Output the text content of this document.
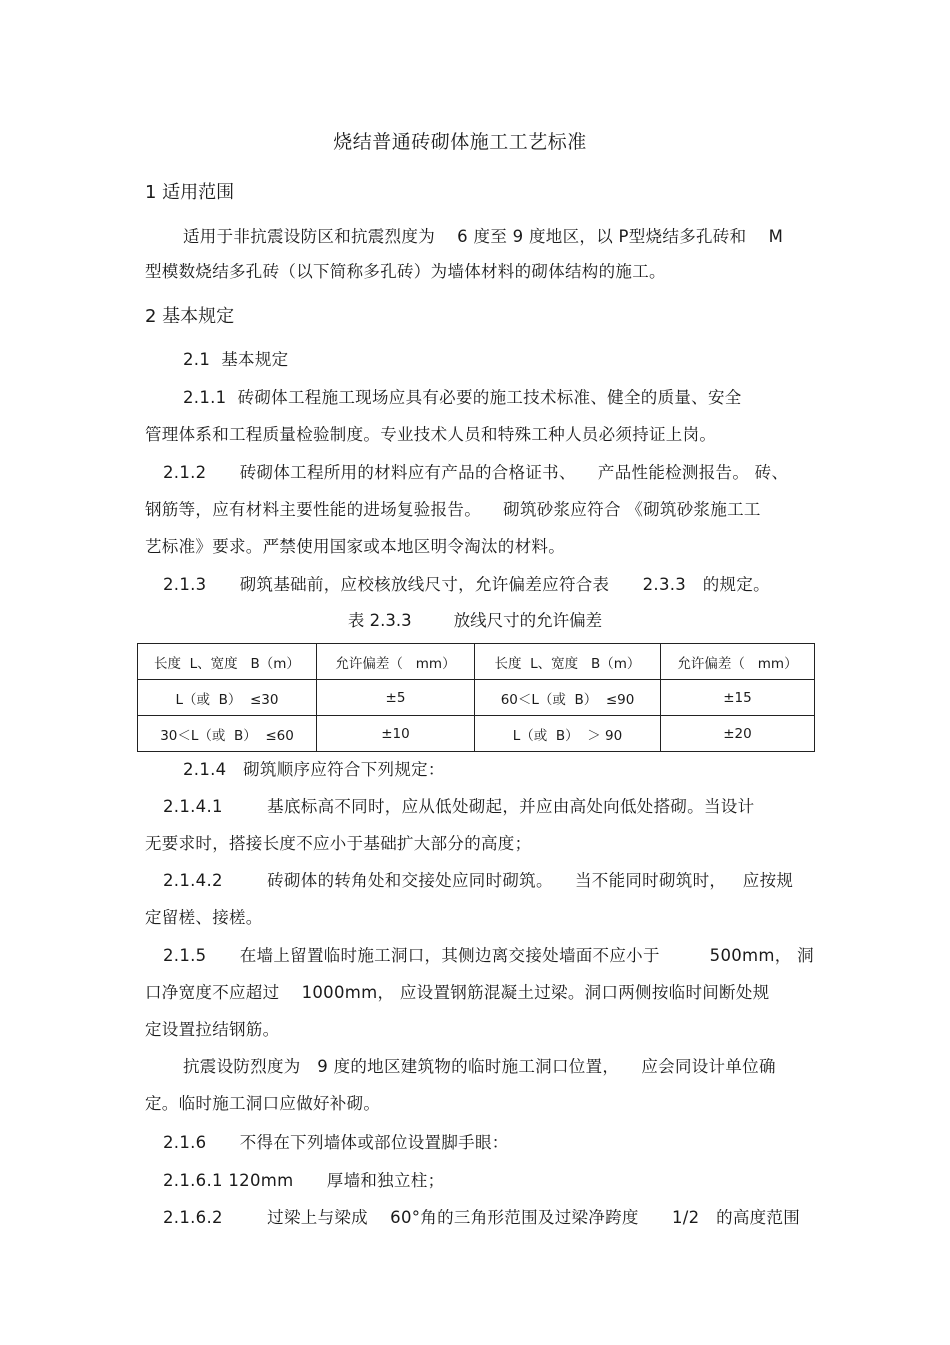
烧结普通砖砌体施工工艺标准
1 适用范围
适用于非抗震设防区和抗震烈度为    6 度至 9 度地区，以 P型烧结多孔砖和    M
型模数烧结多孔砖（以下简称多孔砖）为墙体材料的砌体结构的施工。
2 基本规定
2.1  基本规定
2.1.1  砖砌体工程施工现场应具有必要的施工技术标准、健全的质量、安全
管理体系和工程质量检验制度。专业技术人员和特殊工种人员必须持证上岗。
2.1.2      砖砌体工程所用的材料应有产品的合格证书、    产品性能检测报告。 砖、
钢筋等，应有材料主要性能的进场复验报告。    砌筑砂浆应符合 《砌筑砂浆施工工
艺标准》要求。严禁使用国家或本地区明令淘汰的材料。
2.1.3      砌筑基础前，应校核放线尺寸，允许偏差应符合表      2.3.3   的规定。
表 2.3.3        放线尺寸的允许偏差
长度  L、宽度   B（m）	允许偏差（   mm）	长度  L、宽度   B（m）	允许偏差（   mm）
L（或  B）  ≤30	±5	60＜L（或  B）  ≤90	±15
30＜L（或  B）  ≤60	±10	L（或  B）  ＞ 90	±20
2.1.4   砌筑顺序应符合下列规定：
2.1.4.1        基底标高不同时，应从低处砌起，并应由高处向低处搭砌。当设计
无要求时，搭接长度不应小于基础扩大部分的高度；
2.1.4.2        砖砌体的转角处和交接处应同时砌筑。    当不能同时砌筑时，   应按规
定留槎、接槎。
2.1.5      在墙上留置临时施工洞口，其侧边离交接处墙面不应小于         500mm， 洞
口净宽度不应超过    1000mm， 应设置钢筋混凝土过梁。洞口两侧按临时间断处规
定设置拉结钢筋。
抗震设防烈度为   9 度的地区建筑物的临时施工洞口位置，    应会同设计单位确
定。临时施工洞口应做好补砌。
2.1.6      不得在下列墙体或部位设置脚手眼：
2.1.6.1 120mm      厚墙和独立柱；
2.1.6.2        过梁上与梁成    60°角的三角形范围及过梁净跨度      1/2   的高度范围
